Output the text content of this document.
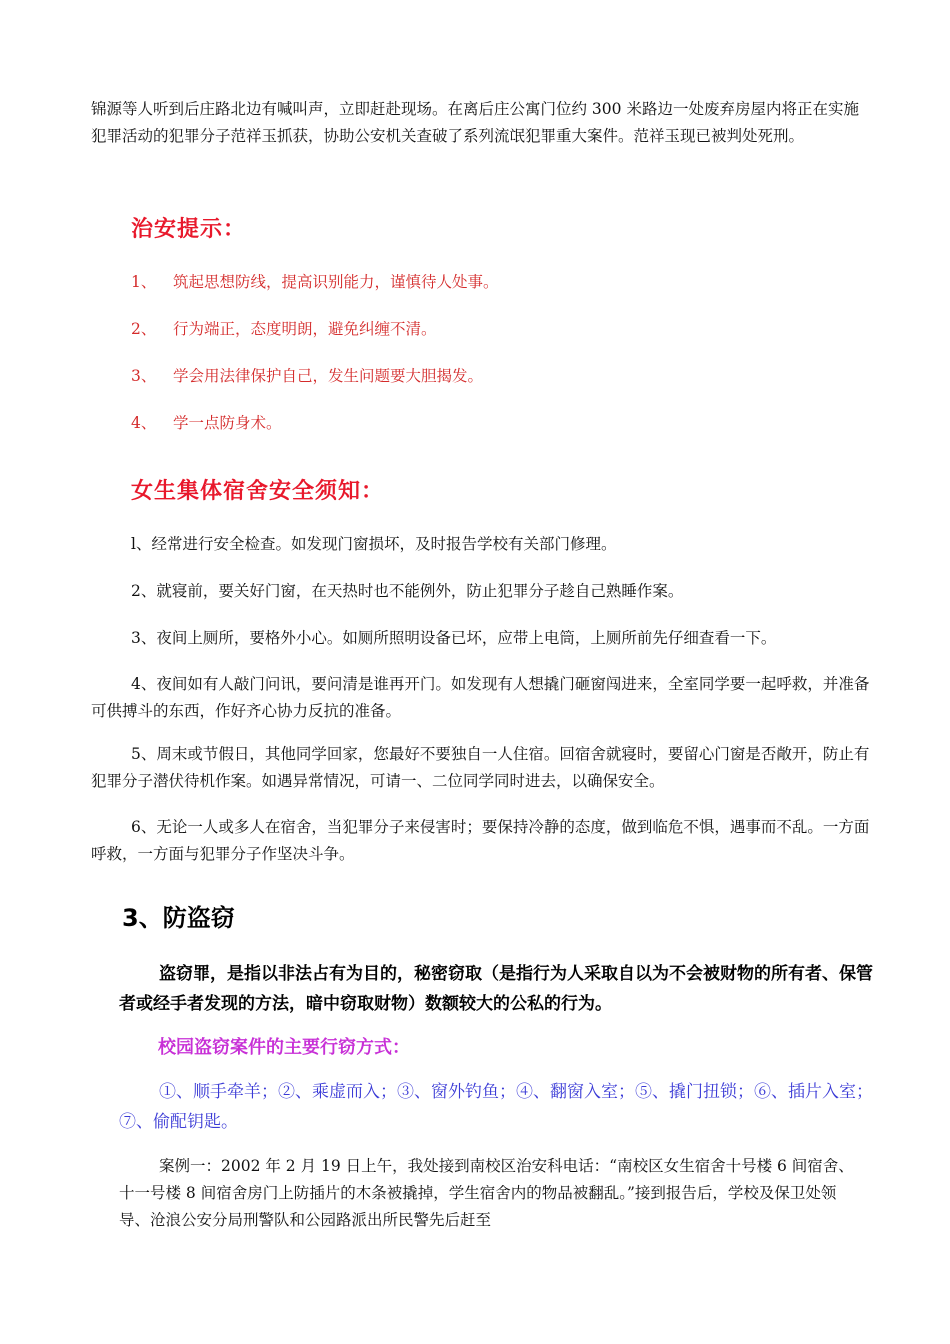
锦源等人听到后庄路北边有喊叫声，立即赶赴现场。在离后庄公寓门位约 300 米路边一处废弃房屋内将正在实施犯罪活动的犯罪分子范祥玉抓获，协助公安机关查破了系列流氓犯罪重大案件。范祥玉现已被判处死刑。

治安提示：

1、 筑起思想防线，提高识别能力，谨慎待人处事。

2、 行为端正，态度明朗，避免纠缠不清。

3、 学会用法律保护自己，发生问题要大胆揭发。

4、 学一点防身术。

女生集体宿舍安全须知：

l、经常进行安全检查。如发现门窗损坏，及时报告学校有关部门修理。

2、就寝前，要关好门窗，在天热时也不能例外，防止犯罪分子趁自己熟睡作案。

3、夜间上厕所，要格外小心。如厕所照明设备已坏，应带上电筒，上厕所前先仔细查看一下。

4、夜间如有人敲门问讯，要问清是谁再开门。如发现有人想撬门砸窗闯进来，全室同学要一起呼救，并准备可供搏斗的东西，作好齐心协力反抗的准备。

5、周末或节假日，其他同学回家，您最好不要独自一人住宿。回宿舍就寝时，要留心门窗是否敞开，防止有犯罪分子潜伏待机作案。如遇异常情况，可请一、二位同学同时进去，以确保安全。

6、无论一人或多人在宿舍，当犯罪分子来侵害时；要保持冷静的态度，做到临危不惧，遇事而不乱。一方面呼救，一方面与犯罪分子作坚决斗争。

3、防盗窃

盗窃罪，是指以非法占有为目的，秘密窃取（是指行为人采取自以为不会被财物的所有者、保管者或经手者发现的方法，暗中窃取财物）数额较大的公私的行为。

校园盗窃案件的主要行窃方式：

①、顺手牵羊；②、乘虚而入；③、窗外钓鱼；④、翻窗入室；⑤、撬门扭锁；⑥、插片入室；⑦、偷配钥匙。

案例一：2002 年 2 月 19 日上午，我处接到南校区治安科电话：“南校区女生宿舍十号楼 6 间宿舍、十一号楼 8 间宿舍房门上防插片的木条被撬掉，学生宿舍内的物品被翻乱。”接到报告后，学校及保卫处领导、沧浪公安分局刑警队和公园路派出所民警先后赶至
